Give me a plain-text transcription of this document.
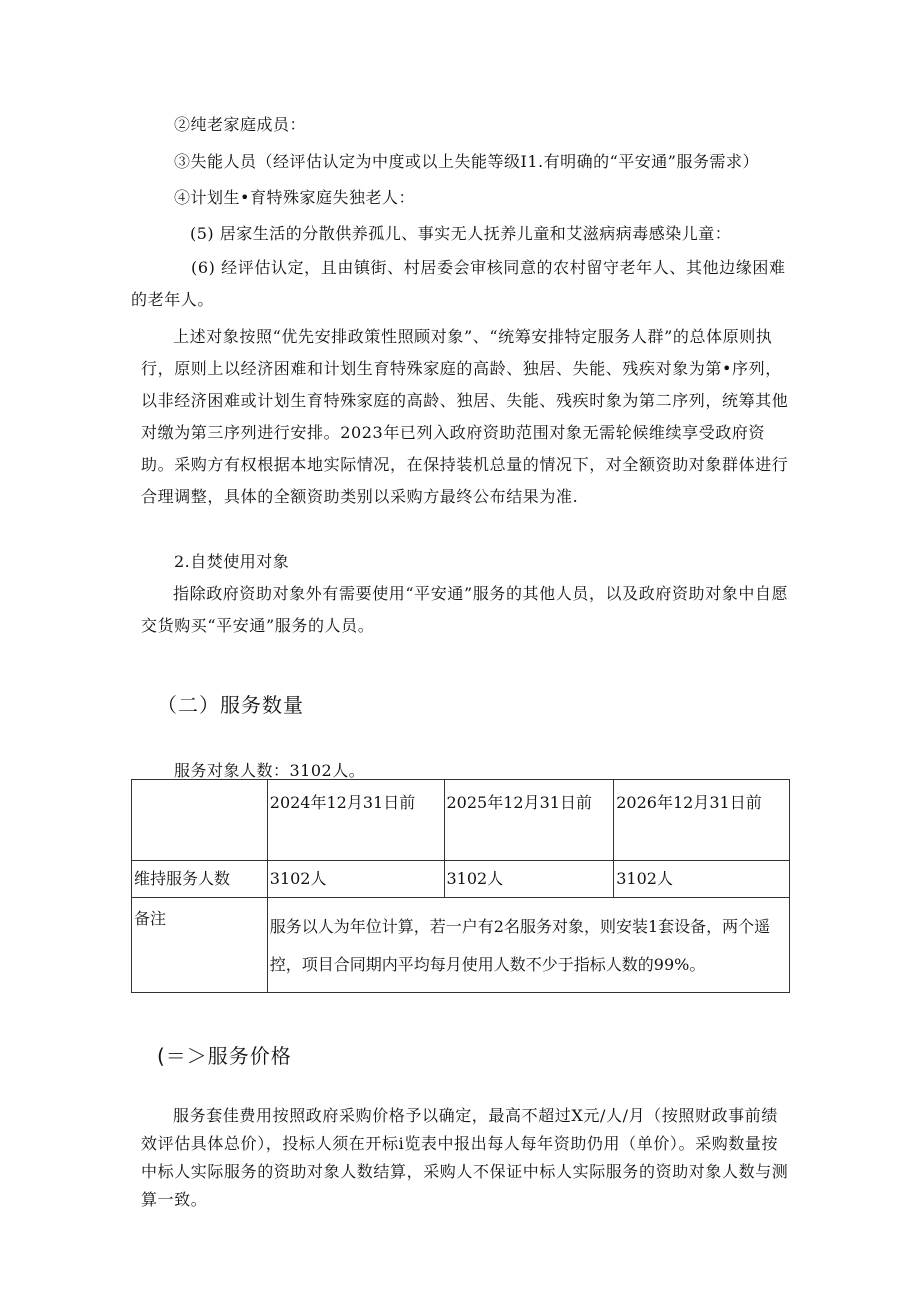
②纯老家庭成员：
③失能人员（经评估认定为中度或以上失能等级I1.有明确的“平安通”服务需求）
④计划生•育特殊家庭失独老人：
(5) 居家生活的分散供养孤儿、事实无人抚养儿童和艾滋病病毒感染儿童：
(6) 经评估认定，且由镇街、村居委会审核同意的农村留守老年人、其他边缘困难的老年人。
上述对象按照“优先安排政策性照顾对象”、“统筹安排特定服务人群”的总体原则执行，原则上以经济困难和计划生育特殊家庭的高龄、独居、失能、残疾对象为第•序列，以非经济困难或计划生育特殊家庭的高龄、独居、失能、残疾时象为第二序列，统筹其他对缴为第三序列进行安排。2023年已列入政府资助范围对象无需轮候维续享受政府资助。采购方有权根据本地实际情况，在保持装机总量的情况下，对全额资助对象群体进行合理调整，具体的全额资助类别以采购方最终公布结果为准.
2.自焚使用对象
指除政府资助对象外有需要使用“平安通”服务的其他人员，以及政府资助对象中自愿交货购买“平安通”服务的人员。
（二）服务数量
服务对象人数：3102人。
	2024年12月31日前	2025年12月31日前	2026年12月31日前
维持服务人数	3102人	3102人	3102人
备注	服务以人为年位计算，若一户有2名服务对象，则安装1套设备，两个遥控，项目合同期内平均每月使用人数不少于指标人数的99%。		
(＝＞服务价格
服务套佳费用按照政府采购价格予以确定，最高不超过X元/人/月（按照财政事前绩效评估具体总价），投标人须在开标i览表中报出每人每年资助仍用（单价）。采购数量按中标人实际服务的资助对象人数结算，采购人不保证中标人实际服务的资助对象人数与测算一致。
